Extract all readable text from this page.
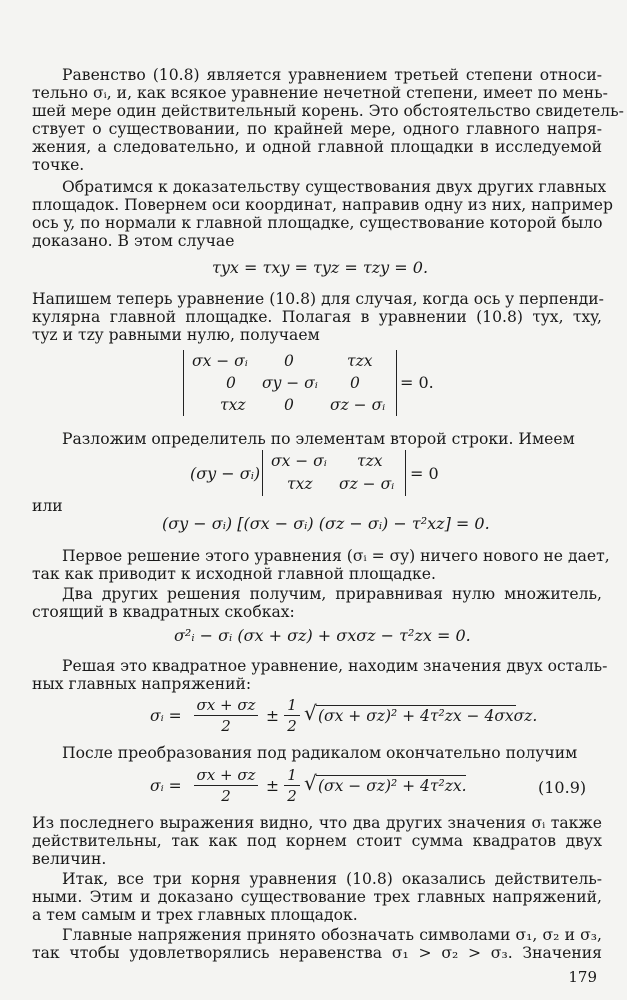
Равенство (10.8) является уравнением третьей степени относи-

тельно σᵢ, и, как всякое уравнение нечетной степени, имеет по мень-

шей мере один действительный корень. Это обстоятельство свидетель-

ствует о существовании, по крайней мере, одного главного напря-

жения, а следовательно, и одной главной площадки в исследуемой

точке.

Обратимся к доказательству существования двух других главных

площадок. Повернем оси координат, направив одну из них, например

ось y, по нормали к главной площадке, существование которой было

доказано. В этом случае

τyx = τxy = τyz = τzy = 0.

Напишем теперь уравнение (10.8) для случая, когда ось y перпенди-

кулярна главной площадке. Полагая в уравнении (10.8) τyx, τxy,

τyz и τzy равными нулю, получаем

σx − σᵢ 0	τzx
0 σy − σᵢ 0
τxz 0 σz − σᵢ

= 0.

Разложим определитель по элементам второй строки. Имеем

(σy − σᵢ)

σx − σᵢ τzx
τxz σz − σᵢ

= 0

или

(σy − σᵢ) [(σx − σᵢ) (σz − σᵢ) − τ²xz] = 0.

Первое решение этого уравнения (σᵢ = σy) ничего нового не дает,

так как приводит к исходной главной площадке.

Два других решения получим, приравнивая нулю множитель,

стоящий в квадратных скобках:

σ²ᵢ − σᵢ (σx + σz) + σxσz − τ²zx = 0.

Решая это квадратное уравнение, находим значения двух осталь-

ных главных напряжений:

σᵢ =
σx + σz
2
±
1
2
√ (σx + σz)² + 4τ²zx − 4σxσz.

После преобразования под радикалом окончательно получим

σᵢ =
σx + σz
2
±
1
2
√ (σx − σz)² + 4τ²zx.	(10.9)

Из последнего выражения видно, что два других значения σᵢ также

действительны, так как под корнем стоит сумма квадратов двух

величин.

Итак, все три корня уравнения (10.8) оказались действитель-

ными. Этим и доказано существование трех главных напряжений,

а тем самым и трех главных площадок.

Главные напряжения принято обозначать символами σ₁, σ₂ и σ₃,

так чтобы удовлетворялись неравенства σ₁ > σ₂ > σ₃. Значения

179
